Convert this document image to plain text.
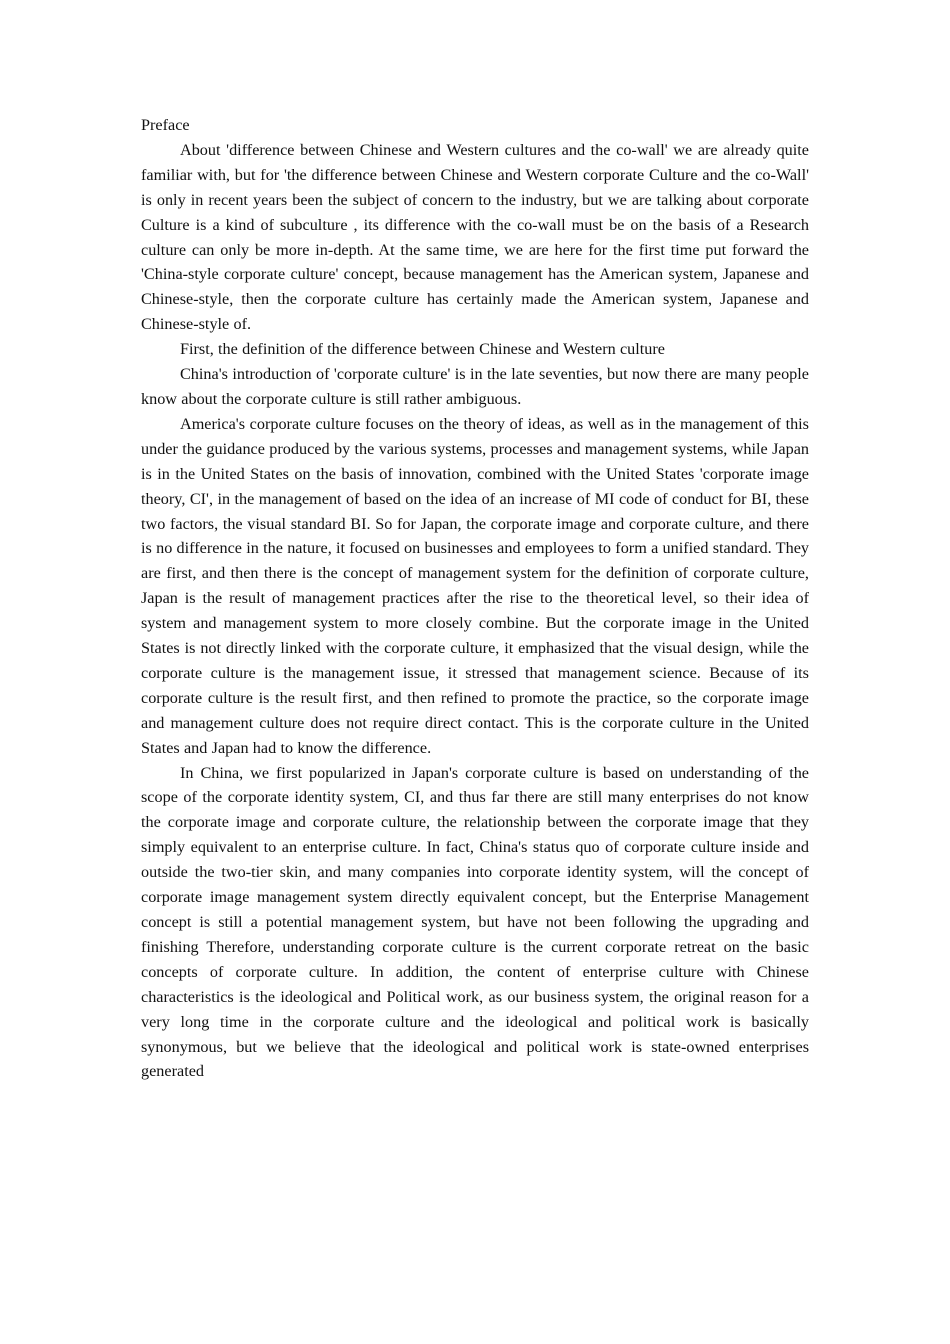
Preface

About 'difference between Chinese and Western cultures and the co-wall' we are already quite familiar with, but for 'the difference between Chinese and Western corporate Culture and the co-Wall' is only in recent years been the subject of concern to the industry, but we are talking about corporate Culture is a kind of subculture , its difference with the co-wall must be on the basis of a Research culture can only be more in-depth. At the same time, we are here for the first time put forward the 'China-style corporate culture' concept, because management has the American system, Japanese and Chinese-style, then the corporate culture has certainly made the American system, Japanese and Chinese-style of.

First, the definition of the difference between Chinese and Western culture

China's introduction of 'corporate culture' is in the late seventies, but now there are many people know about the corporate culture is still rather ambiguous.

America's corporate culture focuses on the theory of ideas, as well as in the management of this under the guidance produced by the various systems, processes and management systems, while Japan is in the United States on the basis of innovation, combined with the United States 'corporate image theory, CI', in the management of based on the idea of an increase of MI code of conduct for BI, these two factors, the visual standard BI. So for Japan, the corporate image and corporate culture, and there is no difference in the nature, it focused on businesses and employees to form a unified standard. They are first, and then there is the concept of management system for the definition of corporate culture, Japan is the result of management practices after the rise to the theoretical level, so their idea of system and management system to more closely combine. But the corporate image in the United States is not directly linked with the corporate culture, it emphasized that the visual design, while the corporate culture is the management issue, it stressed that management science. Because of its corporate culture is the result first, and then refined to promote the practice, so the corporate image and management culture does not require direct contact. This is the corporate culture in the United States and Japan had to know the difference.

In China, we first popularized in Japan's corporate culture is based on understanding of the scope of the corporate identity system, CI, and thus far there are still many enterprises do not know the corporate image and corporate culture, the relationship between the corporate image that they simply equivalent to an enterprise culture. In fact, China's status quo of corporate culture inside and outside the two-tier skin, and many companies into corporate identity system, will the concept of corporate image management system directly equivalent concept, but the Enterprise Management concept is still a potential management system, but have not been following the upgrading and finishing Therefore, understanding corporate culture is the current corporate retreat on the basic concepts of corporate culture. In addition, the content of enterprise culture with Chinese characteristics is the ideological and Political work, as our business system, the original reason for a very long time in the corporate culture and the ideological and political work is basically synonymous, but we believe that the ideological and political work is state-owned enterprises generated
